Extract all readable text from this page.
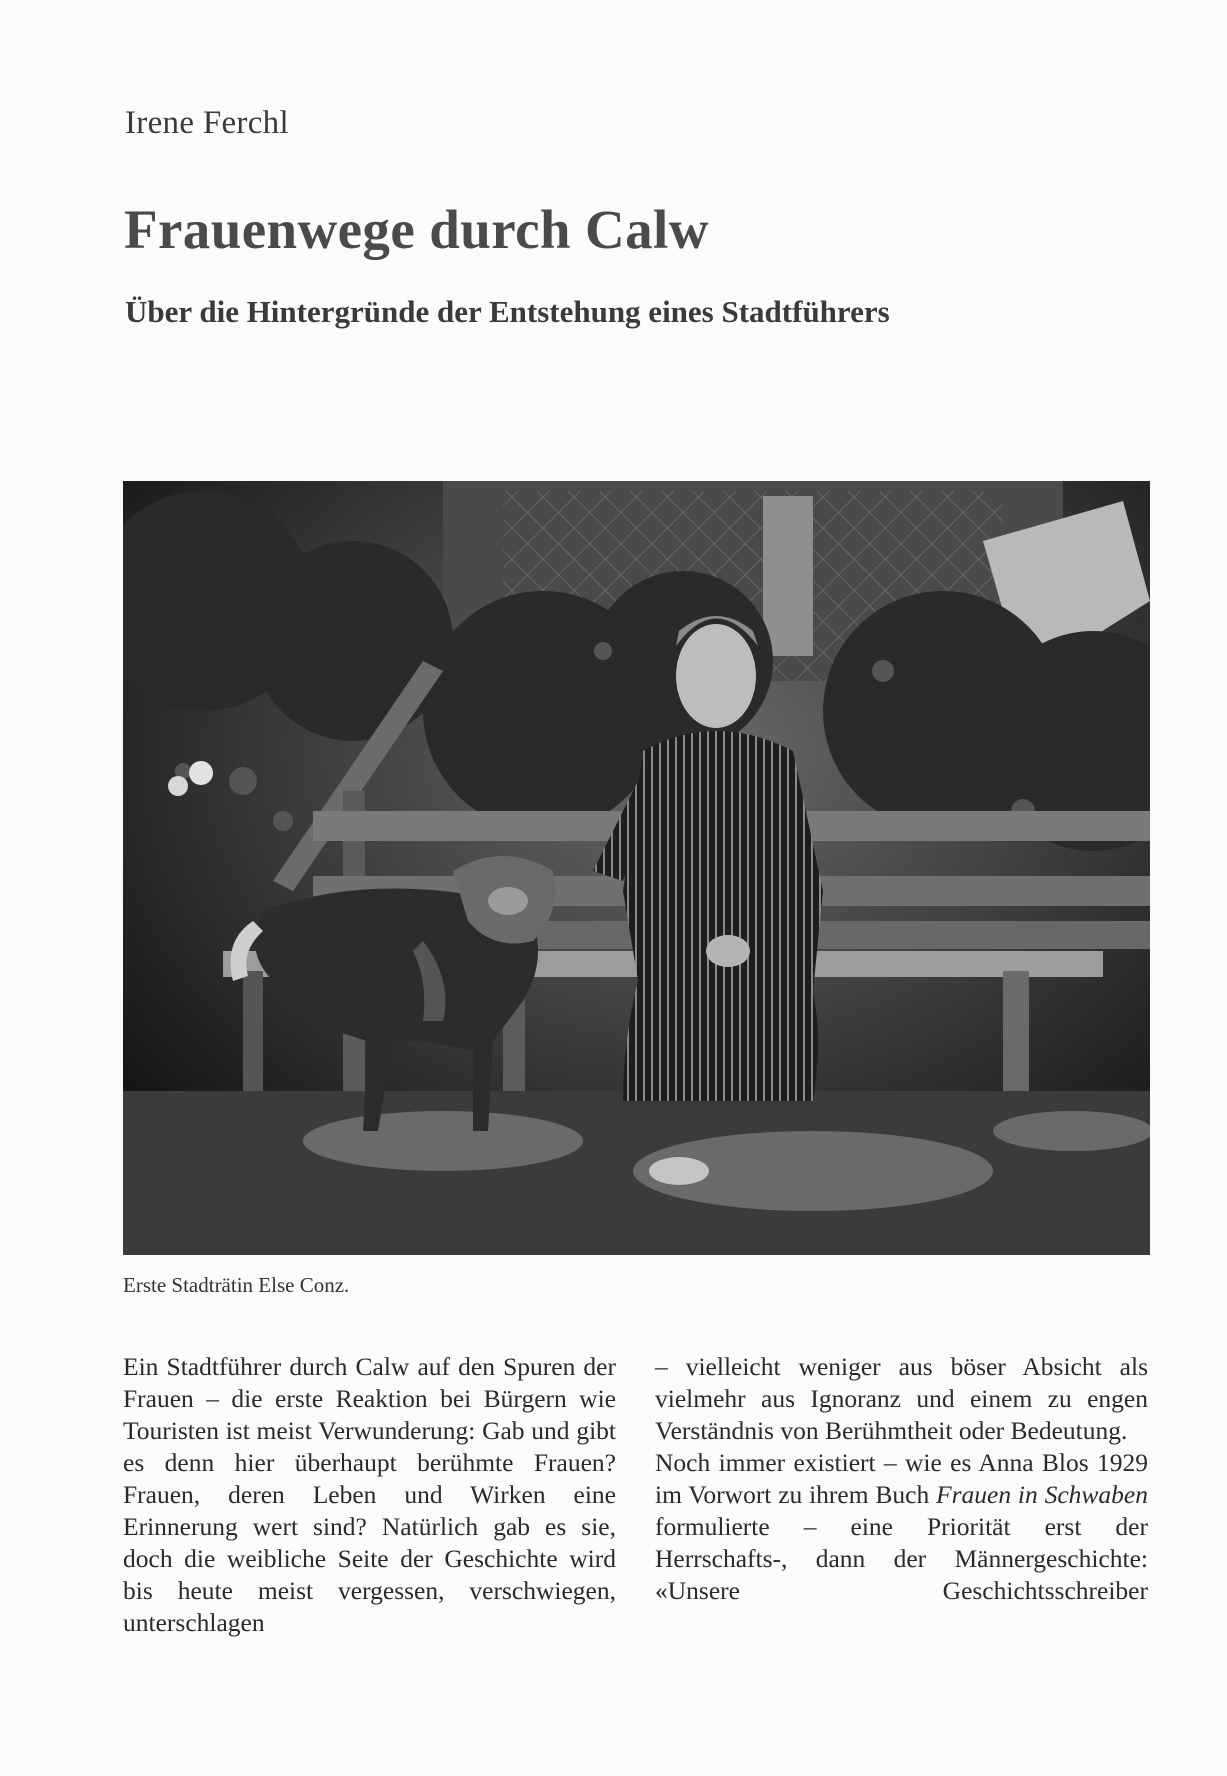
Irene Ferchl
Frauenwege durch Calw
Über die Hintergründe der Entstehung eines Stadtführers
Erste Stadträtin Else Conz.

Ein Stadtführer durch Calw auf den Spuren der Frauen – die erste Reaktion bei Bürgern wie Touristen ist meist Verwunderung: Gab und gibt es denn hier überhaupt berühmte Frauen? Frauen, deren Leben und Wirken eine Erinnerung wert sind? Natürlich gab es sie, doch die weibliche Seite der Geschichte wird bis heute meist vergessen, verschwiegen, unterschlagen

– vielleicht weniger aus böser Absicht als vielmehr aus Ignoranz und einem zu engen Verständnis von Berühmtheit oder Bedeutung.

Noch immer existiert – wie es Anna Blos 1929 im Vorwort zu ihrem Buch Frauen in Schwaben formulierte – eine Priorität erst der Herrschafts-, dann der Männergeschichte: «Unsere Geschichtsschreiber
